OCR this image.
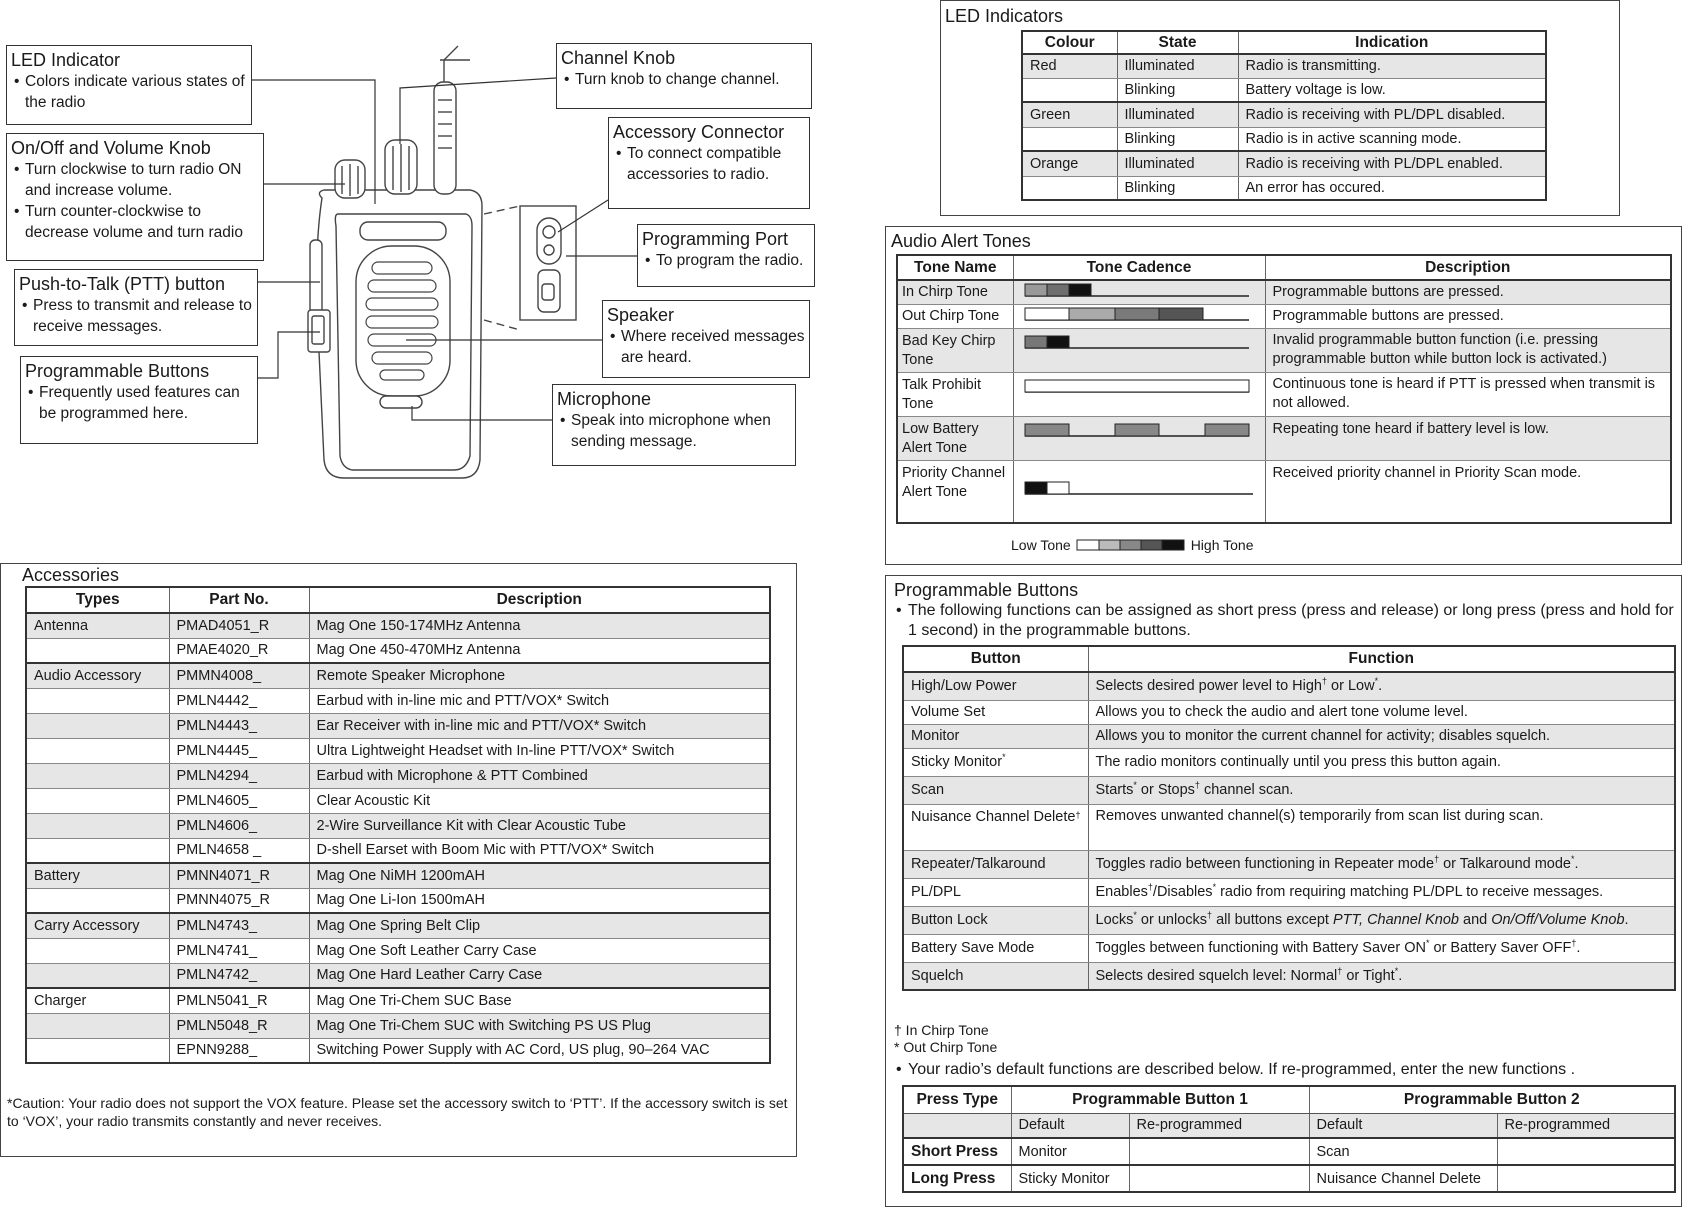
LED Indicator
• Colors indicate various states of the radio
On/Off and Volume Knob
• Turn clockwise to turn radio ON and increase volume.
• Turn counter-clockwise to decrease volume and turn radio
Push-to-Talk (PTT) button
• Press to transmit and release to receive messages.
Programmable Buttons
• Frequently used features can be programmed here.
Channel Knob
• Turn knob to change channel.
Accessory Connector
• To connect compatible accessories to radio.
Programming Port
• To program the radio.
Speaker
• Where received messages are heard.
Microphone
• Speak into microphone when sending message.
LED Indicators
Colour	State	Indication
Red	Illuminated	Radio is transmitting.
	Blinking	Battery voltage is low.
Green	Illuminated	Radio is receiving with PL/DPL disabled.
	Blinking	Radio is in active scanning mode.
Orange	Illuminated	Radio is receiving with PL/DPL enabled.
	Blinking	An error has occured.
Audio Alert Tones
Tone Name	Tone Cadence	Description
In Chirp Tone		Programmable buttons are pressed.
Out Chirp Tone		Programmable buttons are pressed.
Bad Key Chirp Tone		Invalid programmable button function (i.e. pressing programmable button while button lock is activated.)
Talk Prohibit Tone		Continuous tone is heard if PTT is pressed when transmit is not allowed.
Low Battery Alert Tone		Repeating tone heard if battery level is low.
Priority Channel Alert Tone		Received priority channel in Priority Scan mode.
Low Tone	High Tone
Accessories
Types	Part No.	Description
Antenna	PMAD4051_R	Mag One 150-174MHz Antenna
	PMAE4020_R	Mag One 450-470MHz Antenna
Audio Accessory	PMMN4008_	Remote Speaker Microphone
	PMLN4442_	Earbud with in-line mic and PTT/VOX* Switch
	PMLN4443_	Ear Receiver with in-line mic and PTT/VOX* Switch
	PMLN4445_	Ultra Lightweight Headset with In-line PTT/VOX* Switch
	PMLN4294_	Earbud with Microphone & PTT Combined
	PMLN4605_	Clear Acoustic Kit
	PMLN4606_	2-Wire Surveillance Kit with Clear Acoustic Tube
	PMLN4658 _	D-shell Earset with Boom Mic with PTT/VOX* Switch
Battery	PMNN4071_R	Mag One NiMH 1200mAH
	PMNN4075_R	Mag One Li-Ion 1500mAH
Carry Accessory	PMLN4743_	Mag One Spring Belt Clip
	PMLN4741_	Mag One Soft Leather Carry Case
	PMLN4742_	Mag One Hard Leather Carry Case
Charger	PMLN5041_R	Mag One Tri-Chem SUC Base
	PMLN5048_R	Mag One Tri-Chem SUC with Switching PS US Plug
	EPNN9288_	Switching Power Supply with AC Cord, US plug, 90–264 VAC
*Caution: Your radio does not support the VOX feature. Please set the accessory switch to ‘PTT’. If the accessory switch is set to ‘VOX’, your radio transmits constantly and never receives.
Programmable Buttons
• The following functions can be assigned as short press (press and release) or long press (press and hold for 1 second) in the programmable buttons.
Button	Function
High/Low Power	Selects desired power level to High† or Low*.
Volume Set	Allows you to check the audio and alert tone volume level.
Monitor	Allows you to monitor the current channel for activity; disables squelch.
Sticky Monitor*	The radio monitors continually until you press this button again.
Scan	Starts* or Stops† channel scan.
Nuisance Channel Delete†	Removes unwanted channel(s) temporarily from scan list during scan.
Repeater/Talkaround	Toggles radio between functioning in Repeater mode† or Talkaround mode*.
PL/DPL	Enables†/Disables* radio from requiring matching PL/DPL to receive messages.
Button Lock	Locks* or unlocks† all buttons except PTT, Channel Knob and On/Off/Volume Knob.
Battery Save Mode	Toggles between functioning with Battery Saver ON* or Battery Saver OFF†.
Squelch	Selects desired squelch level: Normal† or Tight*.
† In Chirp Tone
* Out Chirp Tone
• Your radio’s default functions are described below. If re-programmed, enter the new functions .
Press Type	Programmable Button 1		Programmable Button 2	
	Default	Re-programmed	Default	Re-programmed
Short Press	Monitor		Scan	
Long Press	Sticky Monitor		Nuisance Channel Delete	
